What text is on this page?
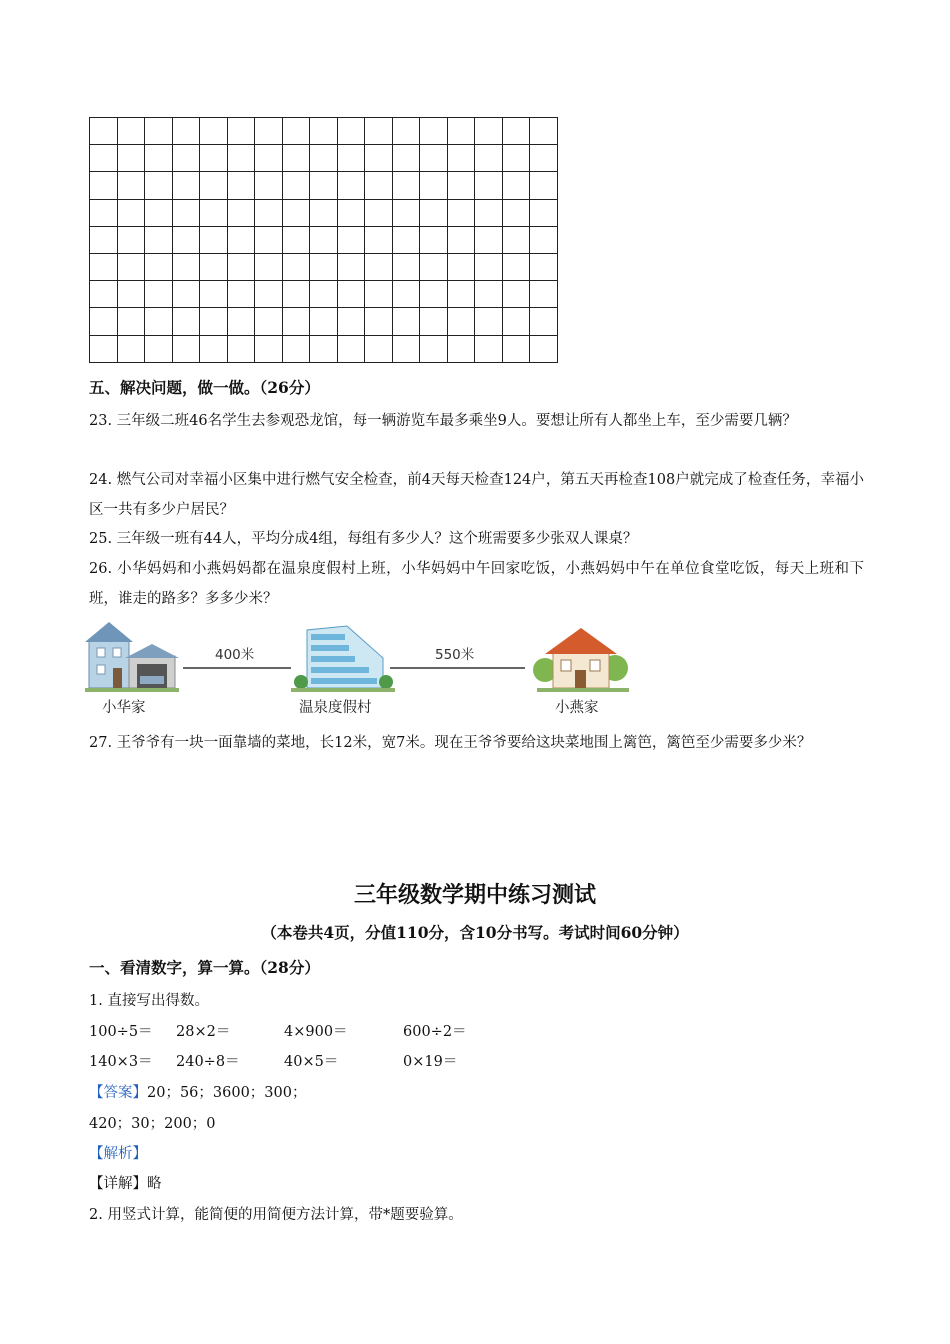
五、解决问题，做一做。（26分）
23. 三年级二班46名学生去参观恐龙馆，每一辆游览车最多乘坐9人。要想让所有人都坐上车，至少需要几辆？
24. 燃气公司对幸福小区集中进行燃气安全检查，前4天每天检查124户，第五天再检查108户就完成了检查任务，幸福小区一共有多少户居民？
25. 三年级一班有44人，平均分成4组，每组有多少人？这个班需要多少张双人课桌？
26. 小华妈妈和小燕妈妈都在温泉度假村上班，小华妈妈中午回家吃饭，小燕妈妈中午在单位食堂吃饭，每天上班和下班，谁走的路多？多多少米？
400米	550米
小华家	温泉度假村	小燕家
27. 王爷爷有一块一面靠墙的菜地，长12米，宽7米。现在王爷爷要给这块菜地围上篱笆，篱笆至少需要多少米？
三年级数学期中练习测试
（本卷共4页，分值110分，含10分书写。考试时间60分钟）
一、看清数字，算一算。（28分）
1. 直接写出得数。
100÷5＝ 28×2＝	4×900＝	600÷2＝
140×3＝ 240÷8＝	40×5＝	0×19＝
【答案】20；56；3600；300；
420；30；200；0
【解析】
【详解】略
2. 用竖式计算，能简便的用简便方法计算，带*题要验算。
